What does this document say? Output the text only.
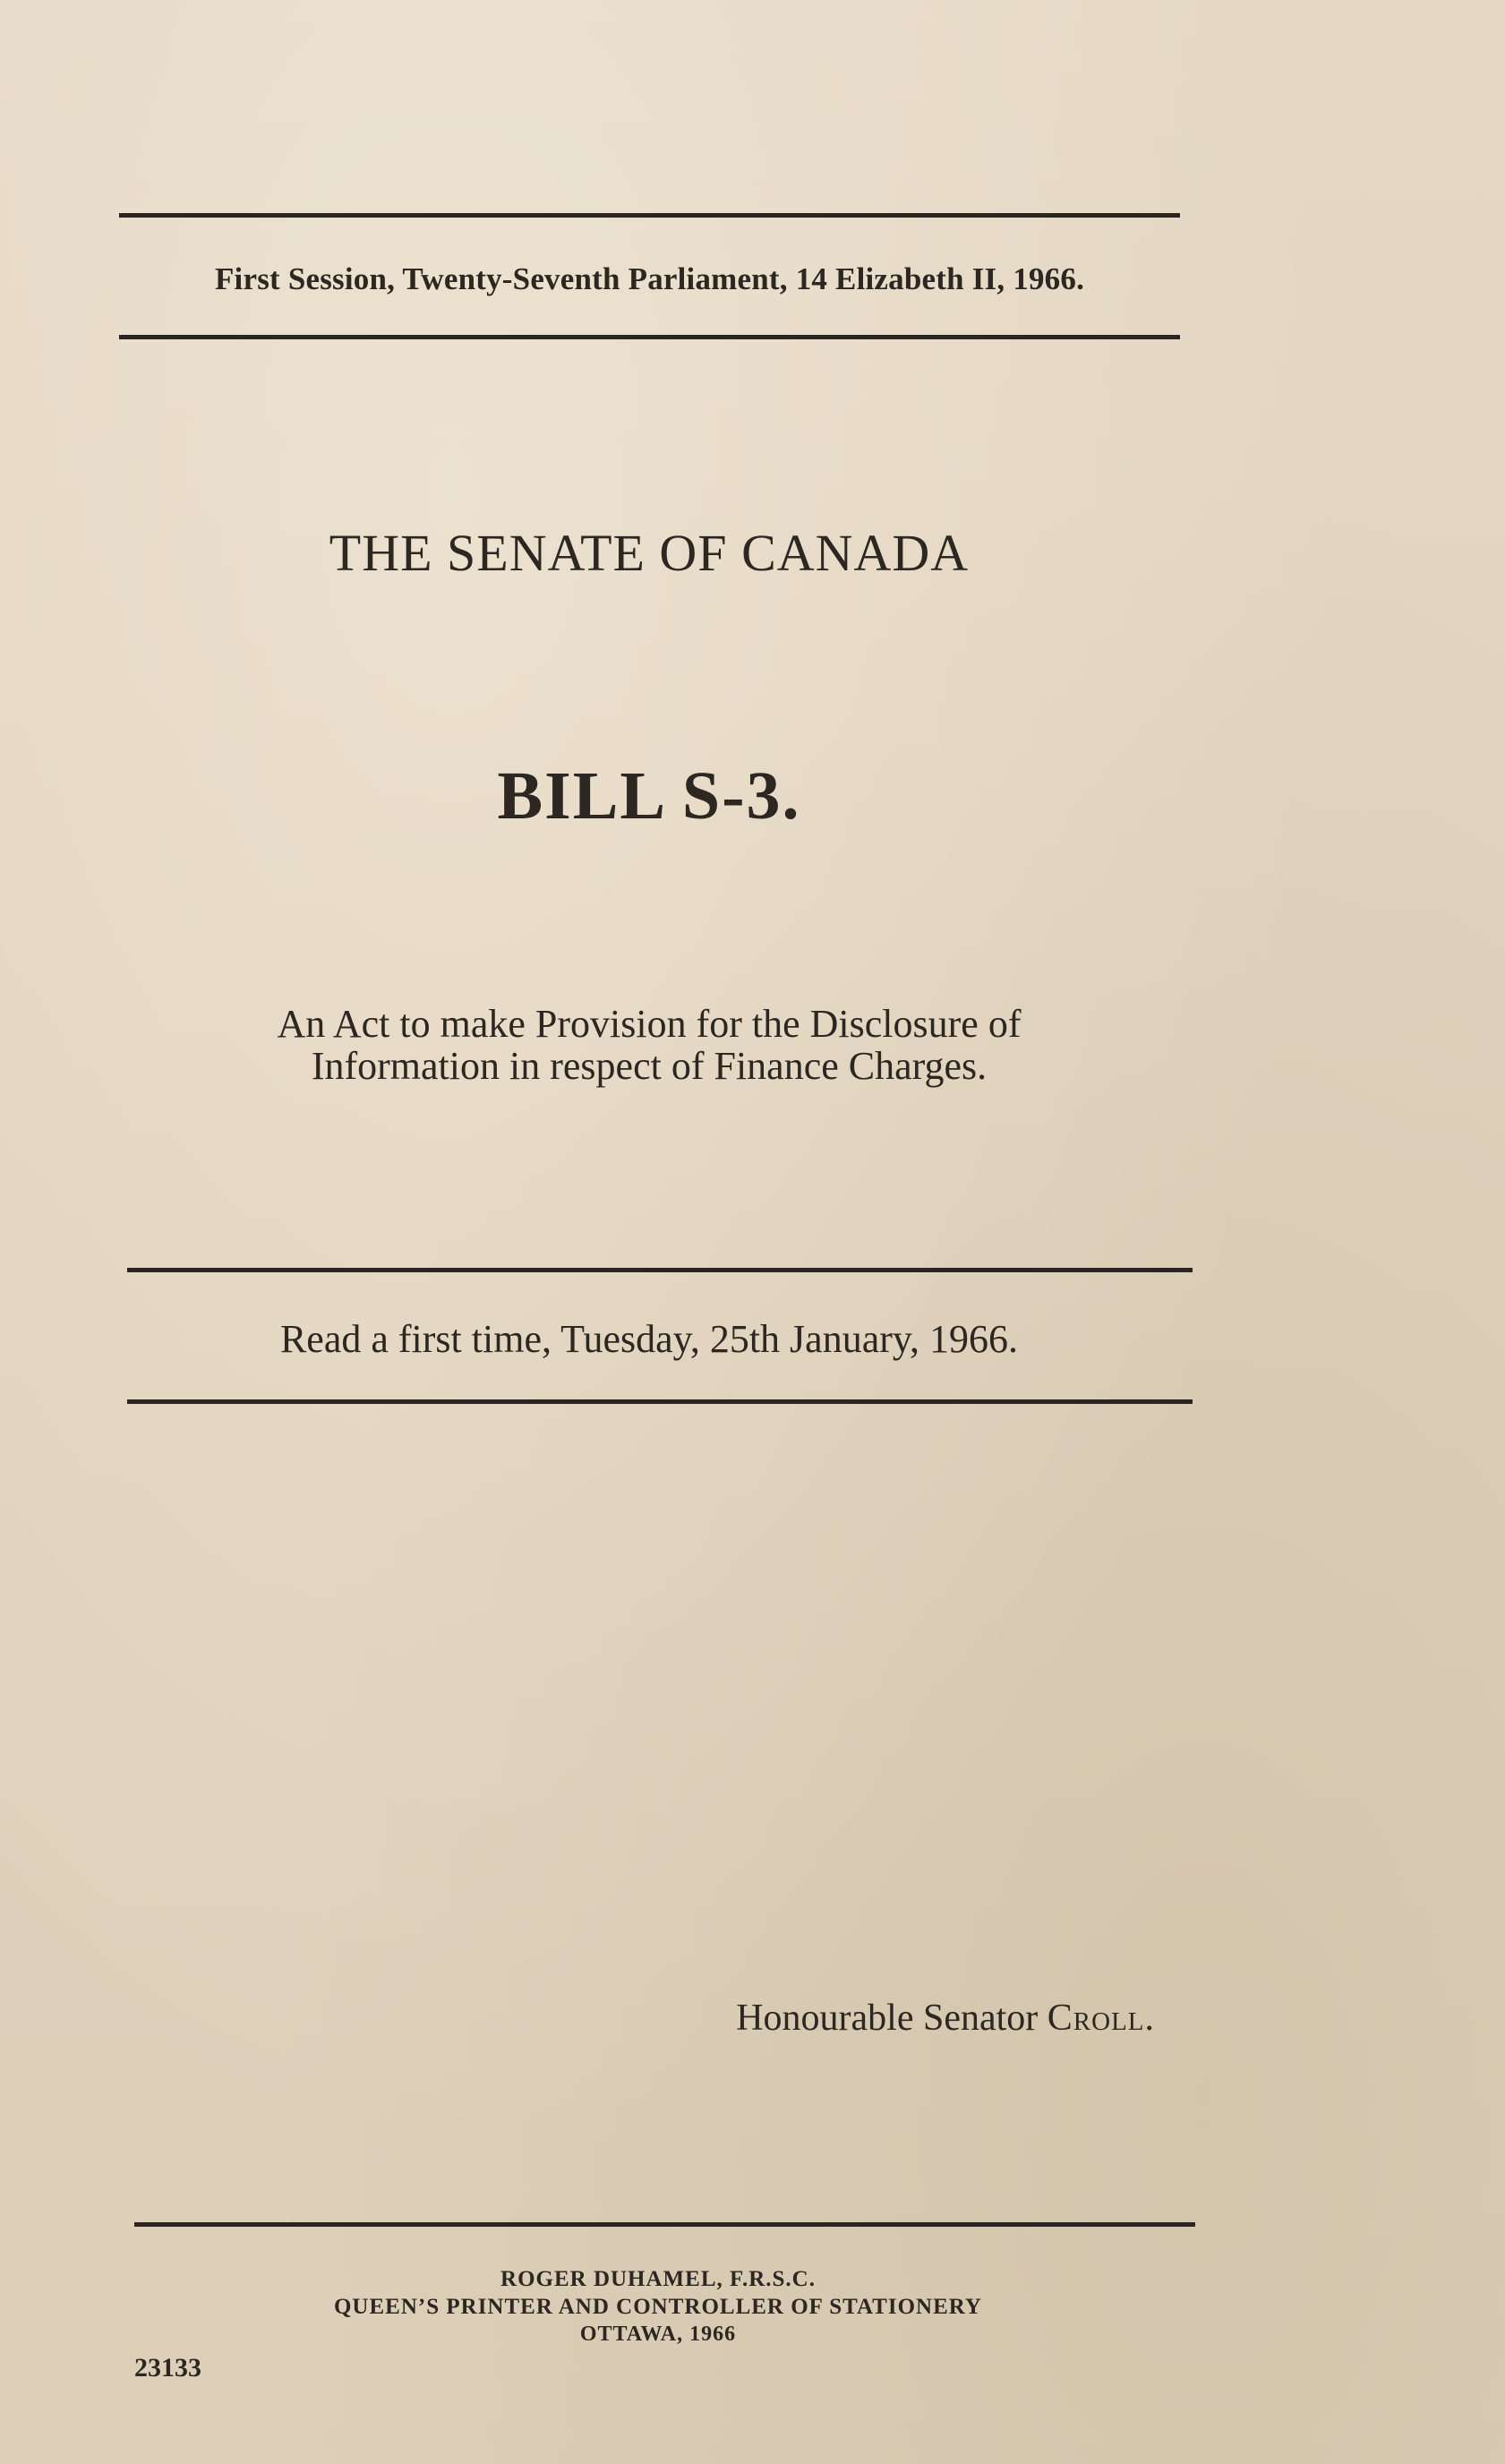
First Session, Twenty-Seventh Parliament, 14 Elizabeth II, 1966.
THE SENATE OF CANADA
BILL S-3.
An Act to make Provision for the Disclosure of
Information in respect of Finance Charges.
Read a first time, Tuesday, 25th January, 1966.
Honourable Senator Croll.
ROGER DUHAMEL, F.R.S.C.
QUEEN’S PRINTER AND CONTROLLER OF STATIONERY
OTTAWA, 1966
23133
